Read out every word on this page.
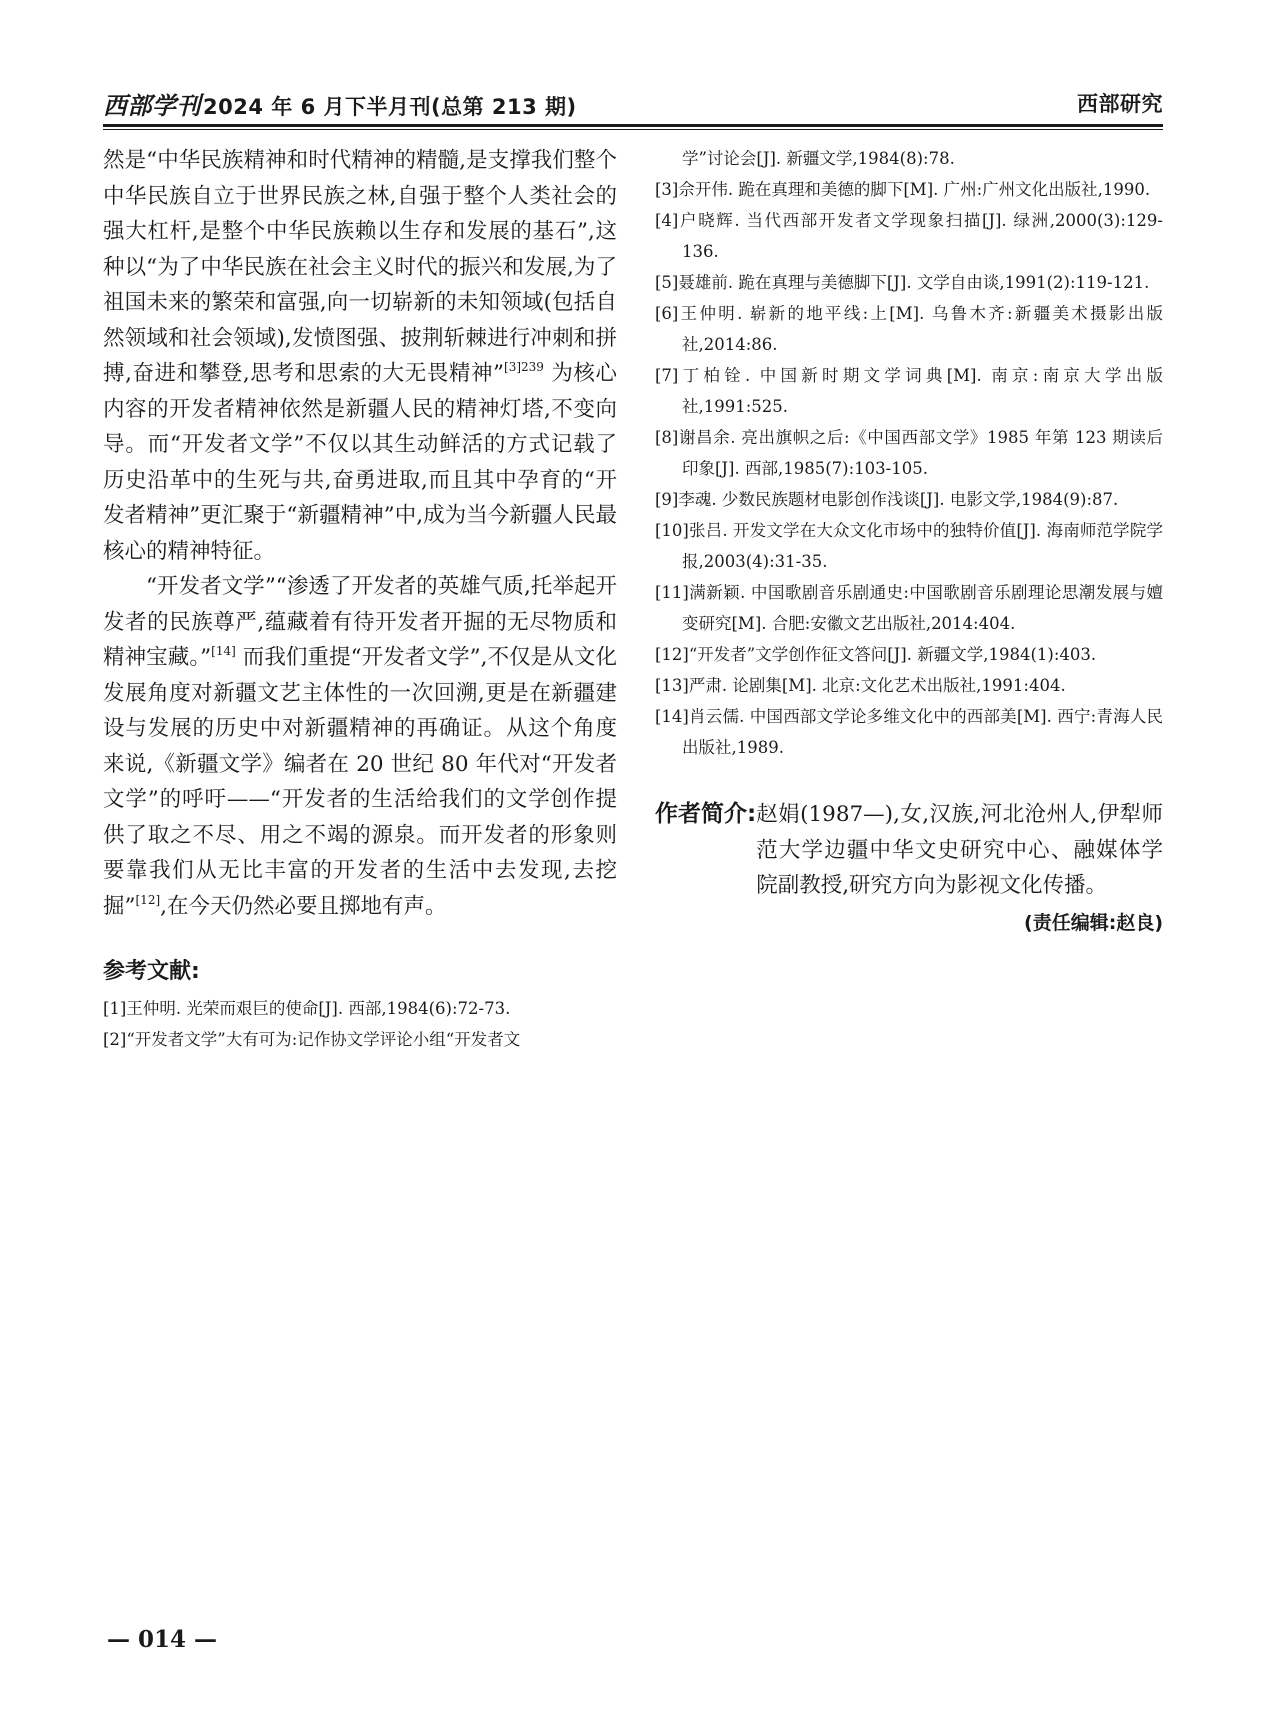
西部学刊2024 年 6 月下半月刊(总第 213 期)	西部研究

然是“中华民族精神和时代精神的精髓,是支撑我们整个中华民族自立于世界民族之林,自强于整个人类社会的强大杠杆,是整个中华民族赖以生存和发展的基石”,这种以“为了中华民族在社会主义时代的振兴和发展,为了祖国未来的繁荣和富强,向一切崭新的未知领域(包括自然领域和社会领域),发愤图强、披荆斩棘进行冲刺和拼搏,奋进和攀登,思考和思索的大无畏精神”$^{[3]239}$ 为核心内容的开发者精神依然是新疆人民的精神灯塔,不变向导。而“开发者文学”不仅以其生动鲜活的方式记载了历史沿革中的生死与共,奋勇进取,而且其中孕育的“开发者精神”更汇聚于“新疆精神”中,成为当今新疆人民最核心的精神特征。

“开发者文学”“渗透了开发者的英雄气质,托举起开发者的民族尊严,蕴藏着有待开发者开掘的无尽物质和精神宝藏。”[14] 而我们重提“开发者文学”,不仅是从文化发展角度对新疆文艺主体性的一次回溯,更是在新疆建设与发展的历史中对新疆精神的再确证。从这个角度来说,《新疆文学》编者在 20 世纪 80 年代对“开发者文学”的呼吁——“开发者的生活给我们的文学创作提供了取之不尽、用之不竭的源泉。而开发者的形象则要靠我们从无比丰富的开发者的生活中去发现,去挖掘”[12],在今天仍然必要且掷地有声。

参考文献:
[1]王仲明. 光荣而艰巨的使命[J]. 西部,1984(6):72-73.
[2]“开发者文学”大有可为:记作协文学评论小组“开发者文
学”讨论会[J]. 新疆文学,1984(8):78.
[3]佘开伟. 跪在真理和美德的脚下[M]. 广州:广州文化出版社,1990.
[4]户晓辉. 当代西部开发者文学现象扫描[J]. 绿洲,2000(3):129-136.
[5]聂雄前. 跪在真理与美德脚下[J]. 文学自由谈,1991(2):119-121.
[6]王仲明. 崭新的地平线:上[M]. 乌鲁木齐:新疆美术摄影出版社,2014:86.
[7]丁柏铨. 中国新时期文学词典[M]. 南京:南京大学出版社,1991:525.
[8]谢昌余. 亮出旗帜之后:《中国西部文学》1985 年第 123 期读后印象[J]. 西部,1985(7):103-105.
[9]李魂. 少数民族题材电影创作浅谈[J]. 电影文学,1984(9):87.
[10]张吕. 开发文学在大众文化市场中的独特价值[J]. 海南师范学院学报,2003(4):31-35.
[11]满新颖. 中国歌剧音乐剧通史:中国歌剧音乐剧理论思潮发展与嬗变研究[M]. 合肥:安徽文艺出版社,2014:404.
[12]“开发者”文学创作征文答问[J]. 新疆文学,1984(1):403.
[13]严肃. 论剧集[M]. 北京:文化艺术出版社,1991:404.
[14]肖云儒. 中国西部文学论多维文化中的西部美[M]. 西宁:青海人民出版社,1989.
作者简介: 赵娟(1987—),女,汉族,河北沧州人,伊犁师范大学边疆中华文史研究中心、融媒体学院副教授,研究方向为影视文化传播。
(责任编辑:赵良)
— 014 —
